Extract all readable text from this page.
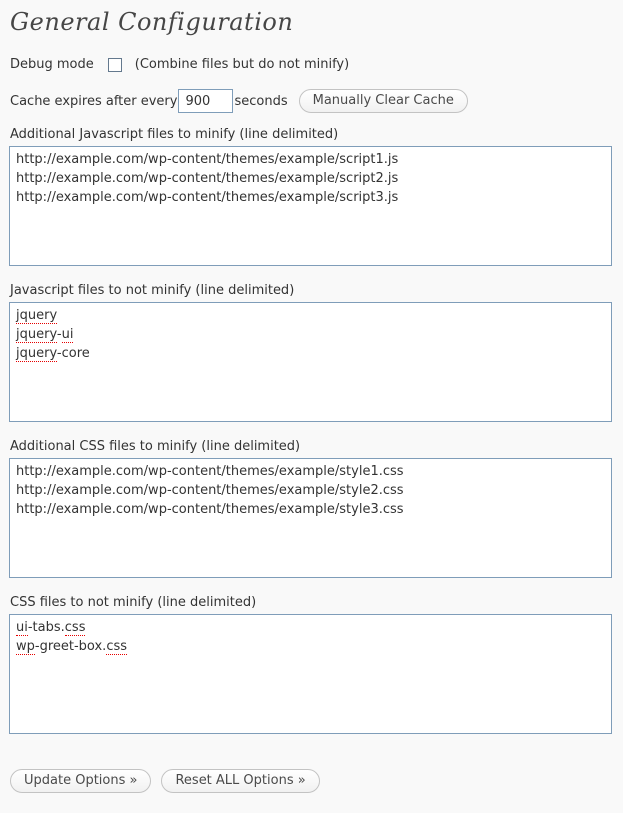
General Configuration
Debug mode	(Combine files but do not minify)
Cache expires after every
900	seconds	Manually Clear Cache
Additional Javascript files to minify (line delimited)
http://example.com/wp-content/themes/example/script1.js
http://example.com/wp-content/themes/example/script2.js
http://example.com/wp-content/themes/example/script3.js
Javascript files to not minify (line delimited)
jquery
jquery-ui
jquery-core
Additional CSS files to minify (line delimited)
http://example.com/wp-content/themes/example/style1.css
http://example.com/wp-content/themes/example/style2.css
http://example.com/wp-content/themes/example/style3.css
CSS files to not minify (line delimited)
ui-tabs.css
wp-greet-box.css
Update Options »	Reset ALL Options »
